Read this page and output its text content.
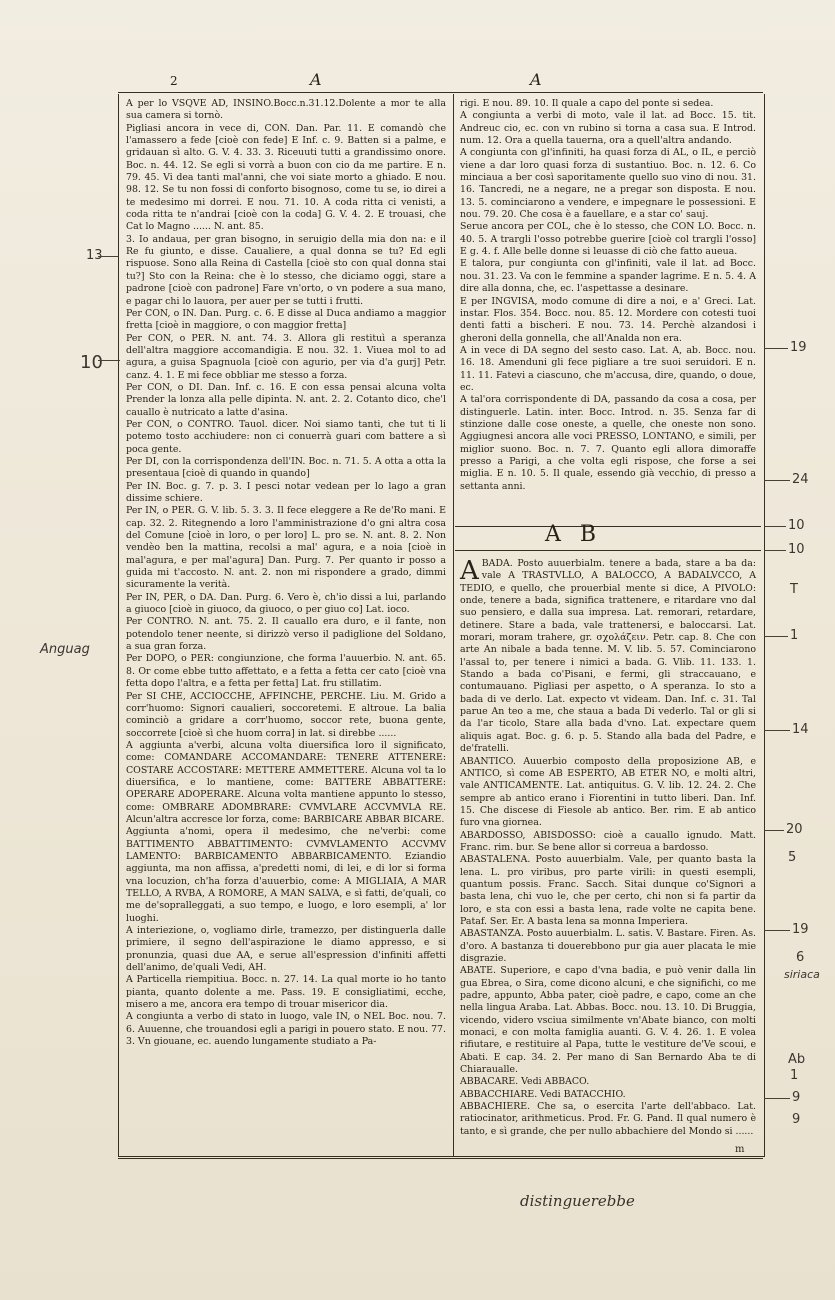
2	A	A

A per lo VSQVE AD, INSINO.Bocc.n.31.12.Dolente a mor te alla sua camera si tornò.

Pigliasi ancora in vece di, CON. Dan. Par. 11. E comandò che l'amassero a fede [cioè con fede] E Inf. c. 9. Batten si a palme, e gridauan sì alto. G. V. 4. 33. 3. Riceuuti tutti a grandissimo onore. Boc. n. 44. 12. Se egli si vorrà a buon con cio da me partire. E n. 79. 45. Vi dea tanti mal'anni, che voi siate morto a ghiado. E nou. 98. 12. Se tu non fossi di conforto bisognoso, come tu se, io direi a te medesimo mi dorrei. E nou. 71. 10. A coda ritta ci venisti, a coda ritta te n'andrai [cioè con la coda] G. V. 4. 2. E trouasi, che Cat lo Magno ...... N. ant. 85.

3. Io andaua, per gran bisogno, in seruigio della mia don na: e il Re fu giunto, e disse. Caualiere, a qual donna se tu? Ed egli rispuose. Sono alla Reina di Castella [cioè sto con qual donna stai tu?] Sto con la Reina: che è lo stesso, che diciamo oggi, stare a padrone [cioè con padrone] Fare vn'orto, o vn podere a sua mano, e pagar chi lo lauora, per auer per se tutti i frutti.

Per CON, o IN. Dan. Purg. c. 6. E disse al Duca andiamo a maggior fretta [cioè in maggiore, o con maggior fretta]

Per CON, o PER. N. ant. 74. 3. Allora gli restituì a speranza dell'altra maggiore accomandigia. E nou. 32. 1. Viuea mol to ad agura, a guisa Spagnuola [cioè con agurio, per via d'a gurj] Petr. canz. 4. 1. E mi fece obbliar me stesso a forza.

Per CON, o DI. Dan. Inf. c. 16. E con essa pensai alcuna volta Prender la lonza alla pelle dipinta. N. ant. 2. 2. Cotanto dico, che'l cauallo è nutricato a latte d'asina.

Per CON, o CONTRO. Tauol. dicer. Noi siamo tanti, che tut ti li potemo tosto acchiudere: non ci conuerrà guari com battere a sì poca gente.

Per DI, con la corrispondenza dell'IN. Boc. n. 71. 5. A otta a otta la presentaua [cioè di quando in quando]

Per IN. Boc. g. 7. p. 3. I pesci notar vedean per lo lago a gran dissime schiere.

Per IN, o PER. G. V. lib. 5. 3. 3. Il fece eleggere a Re de'Ro mani. E cap. 32. 2. Ritegnendo a loro l'amministrazione d'o gni altra cosa del Comune [cioè in loro, o per loro] L. pro se. N. ant. 8. 2. Non vendèo ben la mattina, recolsi a mal' agura, e a noia [cioè in mal'agura, e per mal'agura] Dan. Purg. 7. Per quanto ir posso a guida mi t'accosto. N. ant. 2. non mi rispondere a grado, dimmi sicuramente la verità.

Per IN, PER, o DA. Dan. Purg. 6. Vero è, ch'io dissi a lui, parlando a giuoco [cioè in giuoco, da giuoco, o per giuo co] Lat. ioco.

Per CONTRO. N. ant. 75. 2. Il cauallo era duro, e il fante, non potendolo tener neente, si dirizzò verso il padiglione del Soldano, a sua gran forza.

Per DOPO, o PER: congiunzione, che forma l'auuerbio. N. ant. 65. 8. Or come ebbe tutto affettato, e a fetta a fetta cer cato [cioè vna fetta dopo l'altra, e a fetta per fetta] Lat. fru stillatim.

Per SI CHE, ACCIOCCHE, AFFINCHE, PERCHE. Liu. M. Grido a corr'huomo: Signori caualieri, soccoretemi. E altroue. La balia cominciò a gridare a corr'huomo, soccor rete, buona gente, soccorrete [cioè sì che huom corra] in lat. si direbbe ......

A aggiunta a'verbi, alcuna volta diuersifica loro il significato, come: COMANDARE ACCOMANDARE: TENERE ATTENERE: COSTARE ACCOSTARE: METTERE AMMETTERE. Alcuna vol ta lo diuersifica, e lo mantiene, come: BATTERE ABBATTERE: OPERARE ADOPERARE. Alcuna volta mantiene appunto lo stesso, come: OMBRARE ADOMBRARE: CVMVLARE ACCVMVLA RE. Alcun'altra accresce lor forza, come: BARBICARE ABBAR BICARE.

Aggiunta a'nomi, opera il medesimo, che ne'verbi: come BATTIMENTO ABBATTIMENTO: CVMVLAMENTO ACCVMV LAMENTO: BARBICAMENTO ABBARBICAMENTO. Eziandio aggiunta, ma non affissa, a'predetti nomi, di lei, e di lor si forma vna locuzion, ch'ha forza d'auuerbio, come: A MIGLIAIA, A MAR TELLO, A RVBA, A ROMORE, A MAN SALVA, e sì fatti, de'quali, co me de'sopralleggati, a suo tempo, e luogo, e loro esempli, a' lor luoghi.

A interiezione, o, vogliamo dirle, tramezzo, per distinguerla dalle primiere, il segno dell'aspirazione le diamo appresso, e si pronunzia, quasi due AA, e serue all'espression d'infiniti affetti dell'animo, de'quali Vedi, AH.

A Particella riempitiua. Bocc. n. 27. 14. La qual morte io ho tanto pianta, quanto dolente a me. Pass. 19. E consigliatimi, ecche, misero a me, ancora era tempo di trouar misericor dia.

A congiunta a verbo di stato in luogo, vale IN, o NEL Boc. nou. 7. 6. Auuenne, che trouandosi egli a parigi in pouero stato. E nou. 77. 3. Vn giouane, ec. auendo lungamente studiato a Pa-

rigi. E nou. 89. 10. Il quale a capo del ponte si sedea.

A congiunta a verbi di moto, vale il lat. ad Bocc. 15. tit. Andreuc cio, ec. con vn rubino si torna a casa sua. E Introd. num. 12. Ora a quella tauerna, ora a quell'altra andando.

A congiunta con gl'infiniti, ha quasi forza di AL, o IL, e perciò viene a dar loro quasi forza di sustantiuo. Boc. n. 12. 6. Co minciaua a ber così saporitamente quello suo vino di nou. 31. 16. Tancredi, ne a negare, ne a pregar son disposta. E nou. 13. 5. cominciarono a vendere, e impegnare le possessioni. E nou. 79. 20. Che cosa è a fauellare, e a star co' sauj.

Serue ancora per COL, che è lo stesso, che CON LO. Bocc. n. 40. 5. A trargli l'osso potrebbe guerire [cioè col trargli l'osso] E g. 4. f. Alle belle donne si leuasse di ciò che fatto aueua.

E talora, pur congiunta con gl'infiniti, vale il lat. ad Bocc. nou. 31. 23. Va con le femmine a spander lagrime. E n. 5. 4. A dire alla donna, che, ec. l'aspettasse a desinare.

E per INGVISA, modo comune di dire a noi, e a' Greci. Lat. instar. Flos. 354. Bocc. nou. 85. 12. Mordere con cotesti tuoi denti fatti a bischeri. E nou. 73. 14. Perchè alzandosi i gheroni della gonnella, che all'Analda non era.

A in vece di DA segno del sesto caso. Lat. A, ab. Bocc. nou. 16. 18. Amenduni gli fece pigliare a tre suoi seruidori. E n. 11. 11. Fatevi a ciascuno, che m'accusa, dire, quando, o doue, ec.

A tal'ora corrispondente di DA, passando da cosa a cosa, per distinguerle. Latin. inter. Bocc. Introd. n. 35. Senza far di stinzione dalle cose oneste, a quelle, che oneste non sono. Aggiugnesi ancora alle voci PRESSO, LONTANO, e simili, per miglior suono. Boc. n. 7. 7. Quanto egli allora dimoraffe presso a Parigi, a che volta egli rispose, che forse a sei miglia. E n. 10. 5. Il quale, essendo già vecchio, di presso a settanta anni.

A B

ABADA. Posto auuerbialm. tenere a bada, stare a ba da: vale A TRASTVLLO, A BALOCCO, A BADALVCCO, A TEDIO, e quello, che prouerbial mente si dice, A PIVOLO: onde, tenere a bada, significa trattenere, e ritardare vno dal suo pensiero, e dalla sua impresa. Lat. remorari, retardare, detinere. Stare a bada, vale trattenersi, e baloccarsi. Lat. morari, moram trahere, gr. σχολάζειν. Petr. cap. 8. Che con arte An nibale a bada tenne. M. V. lib. 5. 57. Cominciarono l'assal to, per tenere i nimici a bada. G. Vlib. 11. 133. 1. Stando a bada co'Pisani, e fermi, gli straccauano, e contumauano. Pigliasi per aspetto, o A speranza. Io sto a bada di ve derlo. Lat. expecto vt videam. Dan. Inf. c. 31. Tal parue An teo a me, che staua a bada Di vederlo. Tal or gli si da l'ar ticolo, Stare alla bada d'vno. Lat. expectare quem aliquis agat. Boc. g. 6. p. 5. Stando alla bada del Padre, e de'fratelli.

ABANTICO. Auuerbio composto della proposizione AB, e ANTICO, sì come AB ESPERTO, AB ETER NO, e molti altri, vale ANTICAMENTE. Lat. antiquitus. G. V. lib. 12. 24. 2. Che sempre ab antico erano i Fiorentini in tutto liberi. Dan. Inf. 15. Che discese di Fiesole ab antico. Ber. rim. E ab antico furo vna giornea.

ABARDOSSO, ABISDOSSO: cioè a cauallo ignudo. Matt. Franc. rim. bur. Se bene allor si correua a bardosso.

ABASTALENA. Posto auuerbialm. Vale, per quanto basta la lena. L. pro viribus, pro parte virili: in questi esempli, quantum possis. Franc. Sacch. Sitai dunque co'Signori a basta lena, chi vuo le, che per certo, chi non si fa partir da loro, e sta con essi a basta lena, rade volte ne capita bene. Pataf. Ser. Er. A basta lena sa monna Imperiera.

ABASTANZA. Posto auuerbialm. L. satis. V. Bastare. Firen. As. d'oro. A bastanza ti douerebbono pur gia auer placata le mie disgrazie.

ABATE. Superiore, e capo d'vna badia, e può venir dalla lin gua Ebrea, o Sira, come dicono alcuni, e che significhi, co me padre, appunto, Abba pater, cioè padre, e capo, come an che nella lingua Araba. Lat. Abbas. Bocc. nou. 13. 10. Di Bruggia, vicendo, videro vsciua similmente vn'Abate bianco, con molti monaci, e con molta famiglia auanti. G. V. 4. 26. 1. E volea rifiutare, e restituire al Papa, tutte le vestiture de'Ve scoui, e Abati. E cap. 34. 2. Per mano di San Bernardo Aba te di Chiaraualle.

ABBACARE. Vedi ABBACO.

ABBACCHIARE. Vedi BATACCHIO.

ABBACHIERE. Che sa, o esercita l'arte dell'abbaco. Lat. ratiocinator, arithmeticus. Prod. Fr. G. Pand. Il qual numero è tanto, e sì grande, che per nullo abbachiere del Mondo si ......

m
distinguerebbe
13
10
Anguag
19
24
10
10
T
1
14
20
5
19
6
siriaca
Ab
1
9
9
